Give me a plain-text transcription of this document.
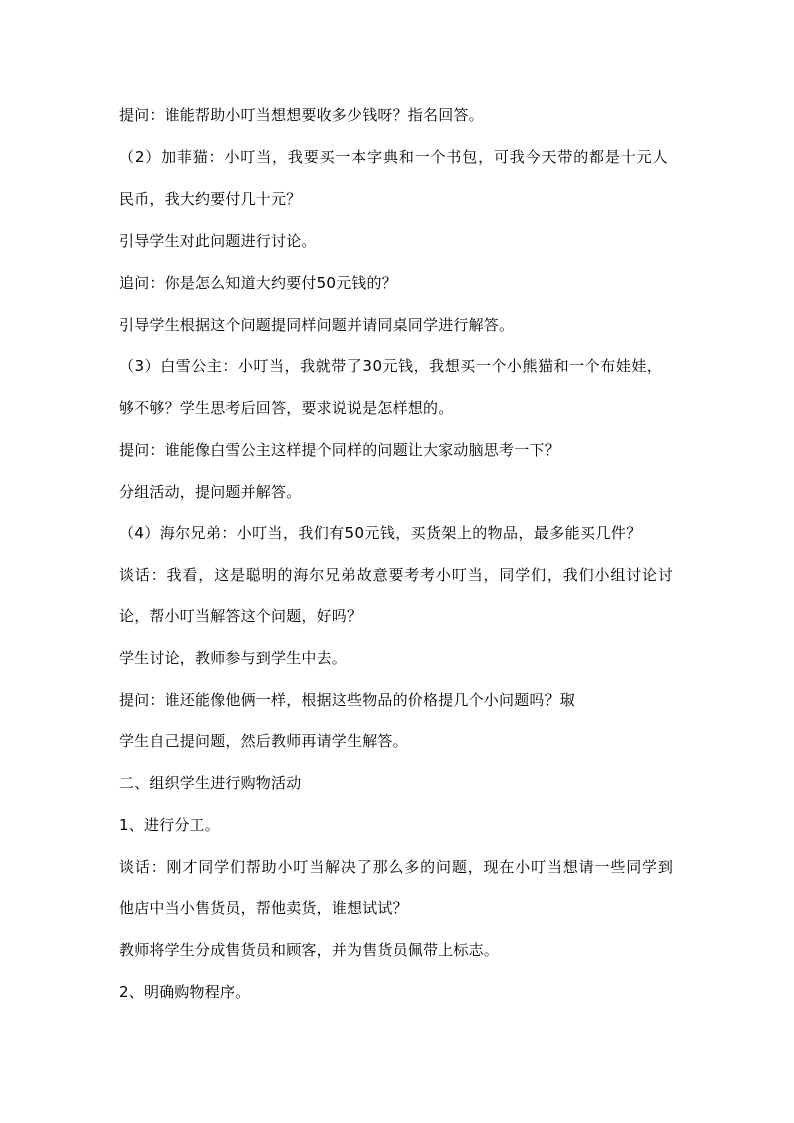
提问：谁能帮助小叮当想想要收多少钱呀？指名回答。
（2）加菲猫：小叮当，我要买一本字典和一个书包，可我今天带的都是十元人
民币，我大约要付几十元？
引导学生对此问题进行讨论。
追问：你是怎么知道大约要付50元钱的？
引导学生根据这个问题提同样问题并请同桌同学进行解答。
（3）白雪公主：小叮当，我就带了30元钱，我想买一个小熊猫和一个布娃娃，
够不够？学生思考后回答，要求说说是怎样想的。
提问：谁能像白雪公主这样提个同样的问题让大家动脑思考一下？
分组活动，提问题并解答。
（4）海尔兄弟：小叮当，我们有50元钱，买货架上的物品，最多能买几件？
谈话：我看，这是聪明的海尔兄弟故意要考考小叮当，同学们，我们小组讨论讨
论，帮小叮当解答这个问题，好吗？
学生讨论，教师参与到学生中去。
提问：谁还能像他俩一样，根据这些物品的价格提几个小问题吗？琡
学生自己提问题，然后教师再请学生解答。
二、组织学生进行购物活动
1、进行分工。
谈话：刚才同学们帮助小叮当解决了那么多的问题，现在小叮当想请一些同学到
他店中当小售货员，帮他卖货，谁想试试？
教师将学生分成售货员和顾客，并为售货员佩带上标志。
2、明确购物程序。
